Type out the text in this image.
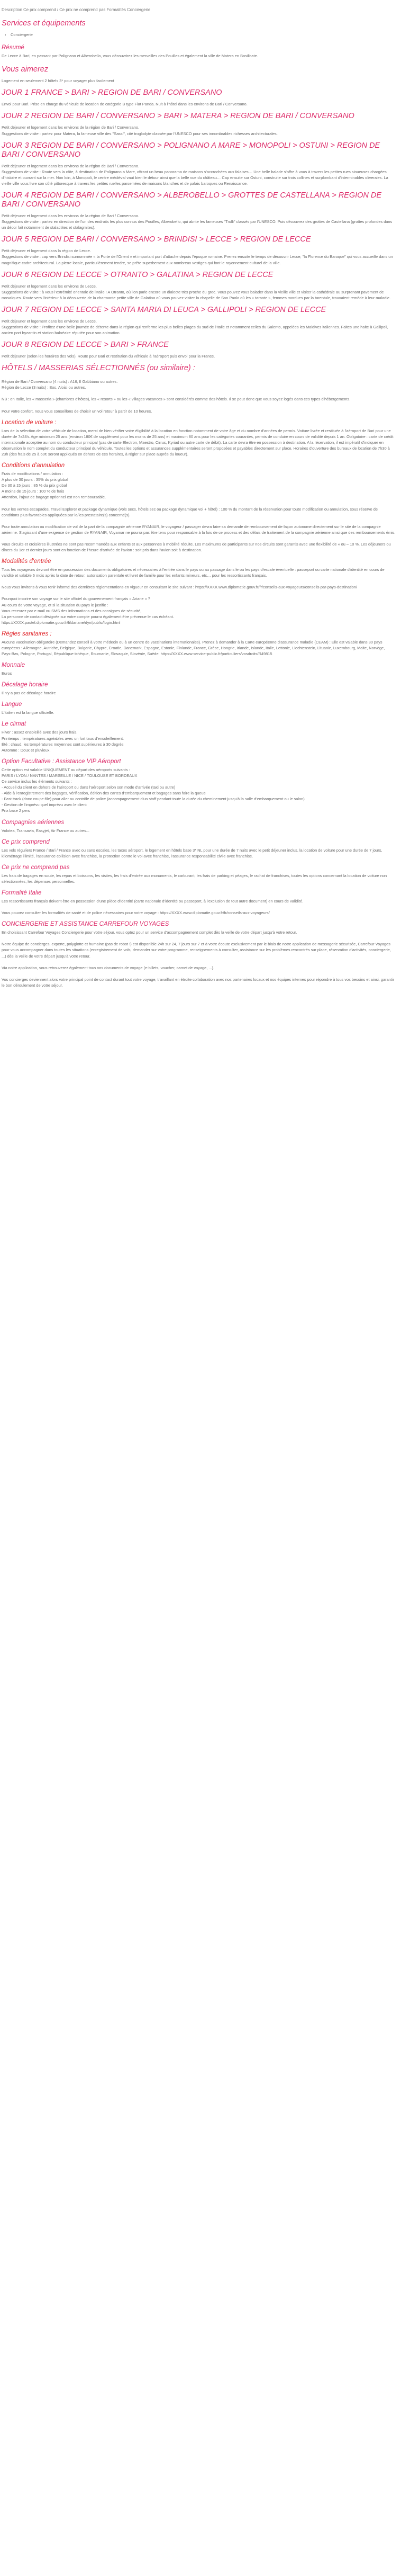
Description Ce prix comprend / Ce prix ne comprend pas Formalités Conciergerie
Services et équipements
• Conciergerie
Résumé

De Lecce à Bari, en passant par Polignano et Alberobello, vous découvrirez les merveilles des Pouilles et également la ville de Matera en Basilicate.

Vous aimerez

Logement en seulement 2 hôtels 3* pour voyager plus facilement

JOUR 1 FRANCE > BARI > REGION DE BARI / CONVERSANO

Envol pour Bari. Prise en charge du véhicule de location de catégorie B type Fiat Panda. Nuit à l'hôtel dans les environs de Bari / Conversano.

JOUR 2 REGION DE BARI / CONVERSANO > BARI > MATERA > REGION DE BARI / CONVERSANO

Petit déjeuner et logement dans les environs de la région de Bari / Conversano.

Suggestions de visite : partez pour Matera, la fameuse ville des "Sassi", cité troglodyte classée par l'UNESCO pour ses innombrables richesses architecturales.

JOUR 3 REGION DE BARI / CONVERSANO > POLIGNANO A MARE > MONOPOLI > OSTUNI > REGION DE BARI / CONVERSANO

Petit déjeuner et logement dans les environs de la région de Bari / Conversano.

Suggestions de visite : Route vers la côte, à destination de Polignano a Mare, offrant un beau panorama de maisons s'accrochées aux falaises… Une belle balade s'offre à vous à travers les petites rues sinueuses chargées d'histoire et ouvrant sur la mer. Non loin, à Monopoli, le centre médiéval vaut bien le détour ainsi que la belle vue du château… Cap ensuite sur Ostuni, construite sur trois collines et surplombant d'interminables oliveraies. La vieille ville vous livre son côté pittoresque à travers les petites ruelles parsemées de maisons blanches et de palais baroques ou Renaissance.

JOUR 4 REGION DE BARI / CONVERSANO > ALBEROBELLO > GROTTES DE CASTELLANA > REGION DE BARI / CONVERSANO

Petit déjeuner et logement dans les environs de la région de Bari / Conversano.

Suggestions de visite : partez en direction de l'un des endroits les plus connus des Pouilles, Alberobello, qui abrite les fameuses "Trulli" classés par l'UNESCO. Puis découvrez des grottes de Castellana (grottes profondes dans un décor fait notamment de stalactites et stalagmites).

JOUR 5 REGION DE BARI / CONVERSANO > BRINDISI > LECCE > REGION DE LECCE

Petit déjeuner et logement dans la région de Lecce.

Suggestions de visite : cap vers Brindisi surnommée « la Porte de l'Orient » et important port d'attache depuis l'époque romaine. Prenez ensuite le temps de découvrir Lecce, "la Florence du Baroque" qui vous accueille dans un magnifique cadre architectural. La pierre locale, particulièrement tendre, se prête superbement aux nombreux vestiges qui font le rayonnement culturel de la ville.

JOUR 6 REGION DE LECCE > OTRANTO > GALATINA > REGION DE LECCE

Petit déjeuner et logement dans les environs de Lecce.

Suggestions de visite : à vous l'extrémité orientale de l'Italie ! A Otranto, où l'on parle encore un dialecte très proche du grec. Vous pouvez vous balader dans la vieille ville et visiter la cathédrale au surprenant pavement de mosaïques. Route vers l'intérieur à la découverte de la charmante petite ville de Galatina où vous pouvez visiter la chapelle de San Paolo où les « tarante », femmes mordues par la tarentule, trouvaient remède à leur maladie.

JOUR 7 REGION DE LECCE > SANTA MARIA DI LEUCA > GALLIPOLI > REGION DE LECCE

Petit déjeuner et logement dans les environs de Lecce.

Suggestions de visite : Profitez d'une belle journée de détente dans la région qui renferme les plus belles plages du sud de l'Italie et notamment celles du Salento, appelées les Maldives italiennes. Faites une halte à Gallipoli, ancien port byzantin et station balnéaire réputée pour son animation.

JOUR 8 REGION DE LECCE > BARI > FRANCE

Petit déjeuner (selon les horaires des vols). Route pour Bari et restitution du véhicule à l'aéroport puis envol pour la France.

HÔTELS / MASSERIAS SÉLECTIONNÉS (ou similaire) :

Région de Bari / Conversano (4 nuits) : A16, Il Gabbiano ou autres.

Région de Lecce (3 nuits) : Eos, Aloisi ou autres.

NB : en Italie, les « masseria » (chambres d'hôtes), les « resorts » ou les « villages vacances » sont considérés comme des hôtels. Il se peut donc que vous soyez logés dans ces types d'hébergements.

Pour votre confort, nous vous conseillons de choisir un vol retour à partir de 10 heures.

Location de voiture :

Lors de la sélection de votre véhicule de location, merci de bien vérifier votre éligibilité à la location en fonction notamment de votre âge et du nombre d'années de permis. Voiture livrée et restituée à l'aéroport de Bari pour une durée de 7x24h. Age minimum 25 ans (environ 180€ de supplément pour les moins de 25 ans) et maximum 80 ans pour les catégories courantes, permis de conduire en cours de validité depuis 1 an. Obligatoire : carte de crédit internationale acceptée au nom du conducteur principal (pas de carte Electron, Maestro, Cirrus, Kyriad ou autre carte de débit). La carte devra être en possession à destination. A la réservation, il est impératif d'indiquer en observation le nom complet du conducteur principal du véhicule. Toutes les options et assurances supplémentaires seront proposées et payables directement sur place. Horaires d'ouverture des bureaux de location de 7h30 à 23h (des frais de 25 à 60€ seront appliqués en dehors de ces horaires, à régler sur place auprès du loueur).

Conditions d'annulation

Frais de modifications / annulation :

A plus de 30 jours : 35% du prix global

De 30 à 15 jours : 85 % du prix global

A moins de 15 jours : 100 % de frais

Attention, l'ajout de bagage optionnel est non remboursable.

Pour les ventes escapades, Travel Explorer et package dynamique (vols secs, hôtels sec ou package dynamique vol + hôtel) : 100 % du montant de la réservation pour toute modification ou annulation, sous réserve de conditions plus favorables appliquées par le/les prestataire(s) concerné(s).

Pour toute annulation ou modification de vol de la part de la compagnie aérienne RYANAIR, le voyageur / passager devra faire sa demande de remboursement de façon autonome directement sur le site de la compagnie aérienne. S'agissant d'une exigence de gestion de RYANAIR, Voyamar ne pourra pas être tenu pour responsable à la fois de ce process et des délais de traitement de la compagnie aérienne ainsi que des remboursements émis.

Vous circuits et croisières illustrées ne sont pas recommandés aux enfants et aux personnes à mobilité réduite. Les maximums de participants sur nos circuits sont garantis avec une flexibilité de « ou – 10 %. Les déjeuners ou dîners du 1er et dernier jours sont en fonction de l'heure d'arrivée de l'avion : soit pris dans l'avion soit à destination.

Modalités d'entrée

Tous les voyageurs devront être en possession des documents obligatoires et nécessaires à l'entrée dans le pays ou au passage dans le ou les pays d'escale éventuelle : passeport ou carte nationale d'identité en cours de validité et valable 6 mois après la date de retour, autorisation parentale et livret de famille pour les enfants mineurs, etc… pour les ressortissants français.

Nous vous invitons à vous tenir informé des dernières réglementations en vigueur en consultant le site suivant : https://XXXX.www.diplomatie.gouv.fr/fr/conseils-aux-voyageurs/conseils-par-pays-destination/

Pourquoi inscrire son voyage sur le site officiel du gouvernement français « Ariane » ?
Au cours de votre voyage, et si la situation du pays le justifie :
Vous recevrez par e-mail ou SMS des informations et des consignes de sécurité,
La personne de contact désignée sur votre compte pourra également être prévenue le cas échéant.
https://XXXX.pastel.diplomatie.gouv.fr/fildariane/dyn/public/login.html

Règles sanitaires :

Aucune vaccination obligatoire (Demandez conseil à votre médecin ou à un centre de vaccinations internationales). Prenez à demander à la Carte européenne d'assurance maladie (CEAM) : Elle est valable dans 30 pays européens : Allemagne, Autriche, Belgique, Bulgarie, Chypre, Croatie, Danemark, Espagne, Estonie, Finlande, France, Grèce, Hongrie, Irlande, Islande, Italie, Lettonie, Liechtenstein, Lituanie, Luxembourg, Malte, Norvège, Pays-Bas, Pologne, Portugal, République tchèque, Roumanie, Slovaquie, Slovénie, Suède. https://XXXX.www.service-public.fr/particuliers/vosdroits/R49815

Monnaie

Euros

Décalage horaire

Il n'y a pas de décalage horaire

Langue

L'italien est la langue officielle.

Le climat

Hiver : assez ensoleillé avec des jours frais.

Printemps : températures agréables avec un fort taux d'ensoleillement.

Été : chaud, les températures moyennes sont supérieures à 30 degrés

Automne : Doux et pluvieux.

Option Facultative : Assistance VIP Aéroport

Cette option est valable UNIQUEMENT au départ des aéroports suivants :

PARIS / LYON / NANTES / MARSEILLE / NICE / TOULOUSE ET BORDEAUX

Ce service inclus les éléments suivants :

- Accueil du client en dehors de l'aéroport ou dans l'aéroport selon son mode d'arrivée (taxi ou autre)

- Aide à l'enregistrement des bagages, vérification, édition des cartes d'embarquement et bagages sans faire la queue

- Fast track (donc coupe-file) pour aller au contrôle de police (accompagnement d'un staff pendant toute la durée du cheminement jusqu'à la salle d'embarquement ou le salon)

- Gestion de l'imprévu quel imprévu avec le client

Prix base 2 pers

Compagnies aériennes

Volotea, Transavia, Easyjet, Air France ou autres...

Ce prix comprend

Les vols réguliers France / Bari / France avec ou sans escales, les taxes aéroport, le logement en hôtels base 3* NL pour une durée de 7 nuits avec le petit déjeuner inclus, la location de voiture pour une durée de 7 jours, kilométrage illimité, l'assurance collision avec franchise, la protection contre le vol avec franchise, l'assurance responsabilité civile avec franchise.

Ce prix ne comprend pas

Les frais de bagages en soute, les repas et boissons, les visites, les frais d'entrée aux monuments, le carburant, les frais de parking et péages, le rachat de franchises, toutes les options concernant la location de voiture non sélectionnées, les dépenses personnelles.

Formalité Italie

Les ressortissants français doivent être en possession d'une pièce d'identité (carte nationale d'identité ou passeport, à l'exclusion de tout autre document) en cours de validité.

Vous pouvez consulter les formalités de santé et de police nécessaires pour votre voyage : https://XXXX.www.diplomatie.gouv.fr/fr/conseils-aux-voyageurs/

CONCIERGERIE ET ASSISTANCE CARREFOUR VOYAGES

En choisissant Carrefour Voyages Conciergerie pour votre séjour, vous optez pour un service d'accompagnement complet dès la veille de votre départ jusqu'à votre retour.

Notre équipe de concierges, experte, polyglotte et humaine (pas de robot !) est disponible 24h sur 24, 7 jours sur 7 et à votre écoute exclusivement par le biais de notre application de messagerie sécurisée, Carrefour Voyages pour vous accompagner dans toutes les situations (enregistrement de vols, demander sur votre programme, renseignements à consulter, assistance sur les problèmes rencontrés sur place, réservation d'activités, conciergerie, ...) dès la veille de votre départ jusqu'à votre retour.

Via notre application, vous retrouverez également tous vos documents de voyage (e-billets, voucher, carnet de voyage, ...).

Vos concierges deviennent alors votre principal point de contact durant tout votre voyage, travaillant en étroite collaboration avec nos partenaires locaux et nos équipes internes pour répondre à tous vos besoins et ainsi, garantir le bon déroulement de votre séjour.
